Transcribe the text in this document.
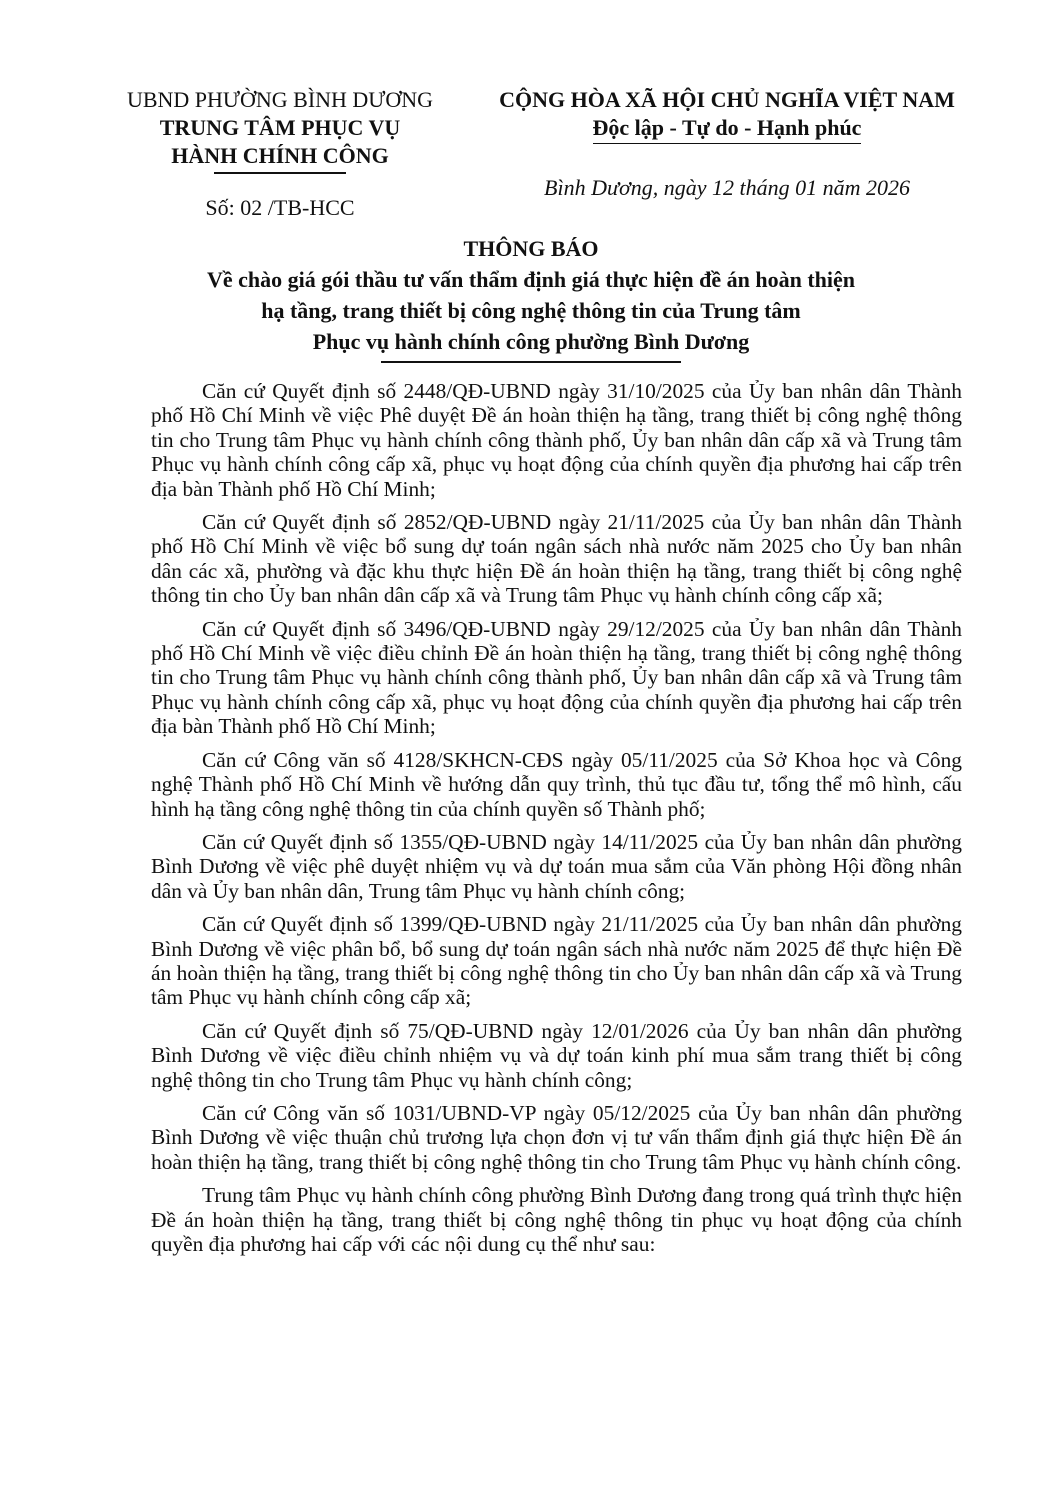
UBND PHƯỜNG BÌNH DƯƠNG
TRUNG TÂM PHỤC VỤ
HÀNH CHÍNH CÔNG
Số: 02 /TB-HCC
CỘNG HÒA XÃ HỘI CHỦ NGHĨA VIỆT NAM
Độc lập - Tự do - Hạnh phúc
Bình Dương, ngày 12 tháng 01 năm 2026
THÔNG BÁO
Về chào giá gói thầu tư vấn thẩm định giá thực hiện đề án hoàn thiện
hạ tầng, trang thiết bị công nghệ thông tin của Trung tâm
Phục vụ hành chính công phường Bình Dương

Căn cứ Quyết định số 2448/QĐ-UBND ngày 31/10/2025 của Ủy ban nhân dân Thành phố Hồ Chí Minh về việc Phê duyệt Đề án hoàn thiện hạ tầng, trang thiết bị công nghệ thông tin cho Trung tâm Phục vụ hành chính công thành phố, Ủy ban nhân dân cấp xã và Trung tâm Phục vụ hành chính công cấp xã, phục vụ hoạt động của chính quyền địa phương hai cấp trên địa bàn Thành phố Hồ Chí Minh;

Căn cứ Quyết định số 2852/QĐ-UBND ngày 21/11/2025 của Ủy ban nhân dân Thành phố Hồ Chí Minh về việc bổ sung dự toán ngân sách nhà nước năm 2025 cho Ủy ban nhân dân các xã, phường và đặc khu thực hiện Đề án hoàn thiện hạ tầng, trang thiết bị công nghệ thông tin cho Ủy ban nhân dân cấp xã và Trung tâm Phục vụ hành chính công cấp xã;

Căn cứ Quyết định số 3496/QĐ-UBND ngày 29/12/2025 của Ủy ban nhân dân Thành phố Hồ Chí Minh về việc điều chỉnh Đề án hoàn thiện hạ tầng, trang thiết bị công nghệ thông tin cho Trung tâm Phục vụ hành chính công thành phố, Ủy ban nhân dân cấp xã và Trung tâm Phục vụ hành chính công cấp xã, phục vụ hoạt động của chính quyền địa phương hai cấp trên địa bàn Thành phố Hồ Chí Minh;

Căn cứ Công văn số 4128/SKHCN-CĐS ngày 05/11/2025 của Sở Khoa học và Công nghệ Thành phố Hồ Chí Minh về hướng dẫn quy trình, thủ tục đầu tư, tổng thể mô hình, cấu hình hạ tầng công nghệ thông tin của chính quyền số Thành phố;

Căn cứ Quyết định số 1355/QĐ-UBND ngày 14/11/2025 của Ủy ban nhân dân phường Bình Dương về việc phê duyệt nhiệm vụ và dự toán mua sắm của Văn phòng Hội đồng nhân dân và Ủy ban nhân dân, Trung tâm Phục vụ hành chính công;

Căn cứ Quyết định số 1399/QĐ-UBND ngày 21/11/2025 của Ủy ban nhân dân phường Bình Dương về việc phân bổ, bổ sung dự toán ngân sách nhà nước năm 2025 để thực hiện Đề án hoàn thiện hạ tầng, trang thiết bị công nghệ thông tin cho Ủy ban nhân dân cấp xã và Trung tâm Phục vụ hành chính công cấp xã;

Căn cứ Quyết định số 75/QĐ-UBND ngày 12/01/2026 của Ủy ban nhân dân phường Bình Dương về việc điều chỉnh nhiệm vụ và dự toán kinh phí mua sắm trang thiết bị công nghệ thông tin cho Trung tâm Phục vụ hành chính công;

Căn cứ Công văn số 1031/UBND-VP ngày 05/12/2025 của Ủy ban nhân dân phường Bình Dương về việc thuận chủ trương lựa chọn đơn vị tư vấn thẩm định giá thực hiện Đề án hoàn thiện hạ tầng, trang thiết bị công nghệ thông tin cho Trung tâm Phục vụ hành chính công.

Trung tâm Phục vụ hành chính công phường Bình Dương đang trong quá trình thực hiện Đề án hoàn thiện hạ tầng, trang thiết bị công nghệ thông tin phục vụ hoạt động của chính quyền địa phương hai cấp với các nội dung cụ thể như sau:
